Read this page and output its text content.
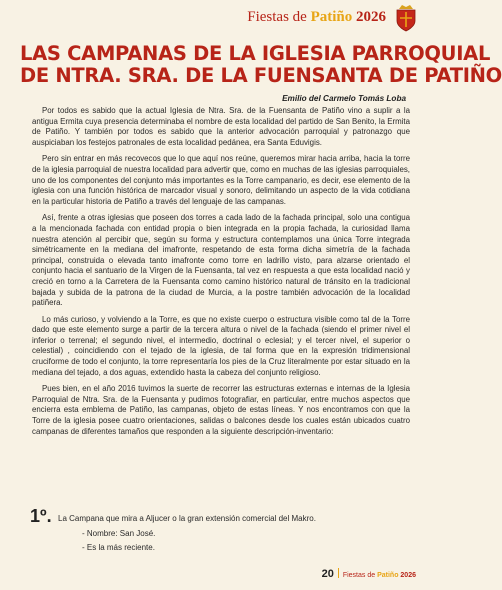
Fiestas de Patiño 2026
LAS CAMPANAS DE LA IGLESIA PARROQUIAL
DE NTRA. SRA. DE LA FUENSANTA DE PATIÑO
Emilio del Carmelo Tomás Loba

Por todos es sabido que la actual Iglesia de Ntra. Sra. de la Fuensanta de Patiño vino a suplir a la antigua Ermita cuya presencia determinaba el nombre de esta localidad del partido de San Benito, la Ermita de Patiño. Y también por todos es sabido que la anterior advocación parroquial y patronazgo que auspiciaban los festejos patronales de esta localidad pedánea, era Santa Eduvigis.

Pero sin entrar en más recovecos que lo que aquí nos reúne, queremos mirar hacia arriba, hacia la torre de la iglesia parroquial de nuestra localidad para advertir que, como en muchas de las iglesias parroquiales, uno de los componentes del conjunto más importantes es la Torre campanario, es decir, ese elemento de la iglesia con una función histórica de marcador visual y sonoro, delimitando un aspecto de la vida cotidiana en la particular historia de Patiño a través del lenguaje de las campanas.

Así, frente a otras iglesias que poseen dos torres a cada lado de la fachada principal, solo una contigua a la mencionada fachada con entidad propia o bien integrada en la propia fachada, la curiosidad llama nuestra atención al percibir que, según su forma y estructura contemplamos una única Torre integrada simétricamente en la mediana del imafronte, respetando de esta forma dicha simetría de la fachada principal, construida o elevada tanto imafronte como torre en ladrillo visto, para alzarse orientado el conjunto hacia el santuario de la Virgen de la Fuensanta, tal vez en respuesta a que esta localidad nació y creció en torno a la Carretera de la Fuensanta como camino histórico natural de tránsito en la tradicional bajada y subida de la patrona de la ciudad de Murcia, a la postre también advocación de la localidad patiñera.

Lo más curioso, y volviendo a la Torre, es que no existe cuerpo o estructura visible como tal de la Torre dado que este elemento surge a partir de la tercera altura o nivel de la fachada (siendo el primer nivel el inferior o terrenal; el segundo nivel, el intermedio, doctrinal o eclesial; y el tercer nivel, el superior o celestial) , coincidiendo con el tejado de la iglesia, de tal forma que en la expresión tridimensional cruciforme de todo el conjunto, la torre representaría los pies de la Cruz literalmente por estar situado en la mediana del tejado, a dos aguas, extendido hasta la cabeza del conjunto religioso.

Pues bien, en el año 2016 tuvimos la suerte de recorrer las estructuras externas e internas de la Iglesia Parroquial de Ntra. Sra. de la Fuensanta y pudimos fotografiar, en particular, entre muchos aspectos que encierra esta emblema de Patiño, las campanas, objeto de estas líneas. Y nos encontramos con que la Torre de la iglesia posee cuatro orientaciones, salidas o balcones desde los cuales están ubicados cuatro campanas de diferentes tamaños que responden a la siguiente descripción-inventario:

1º. La Campana que mira a Aljucer o la gran extensión comercial del Makro.
- Nombre: San José.
- Es la más reciente.
20 Fiestas de Patiño 2026
